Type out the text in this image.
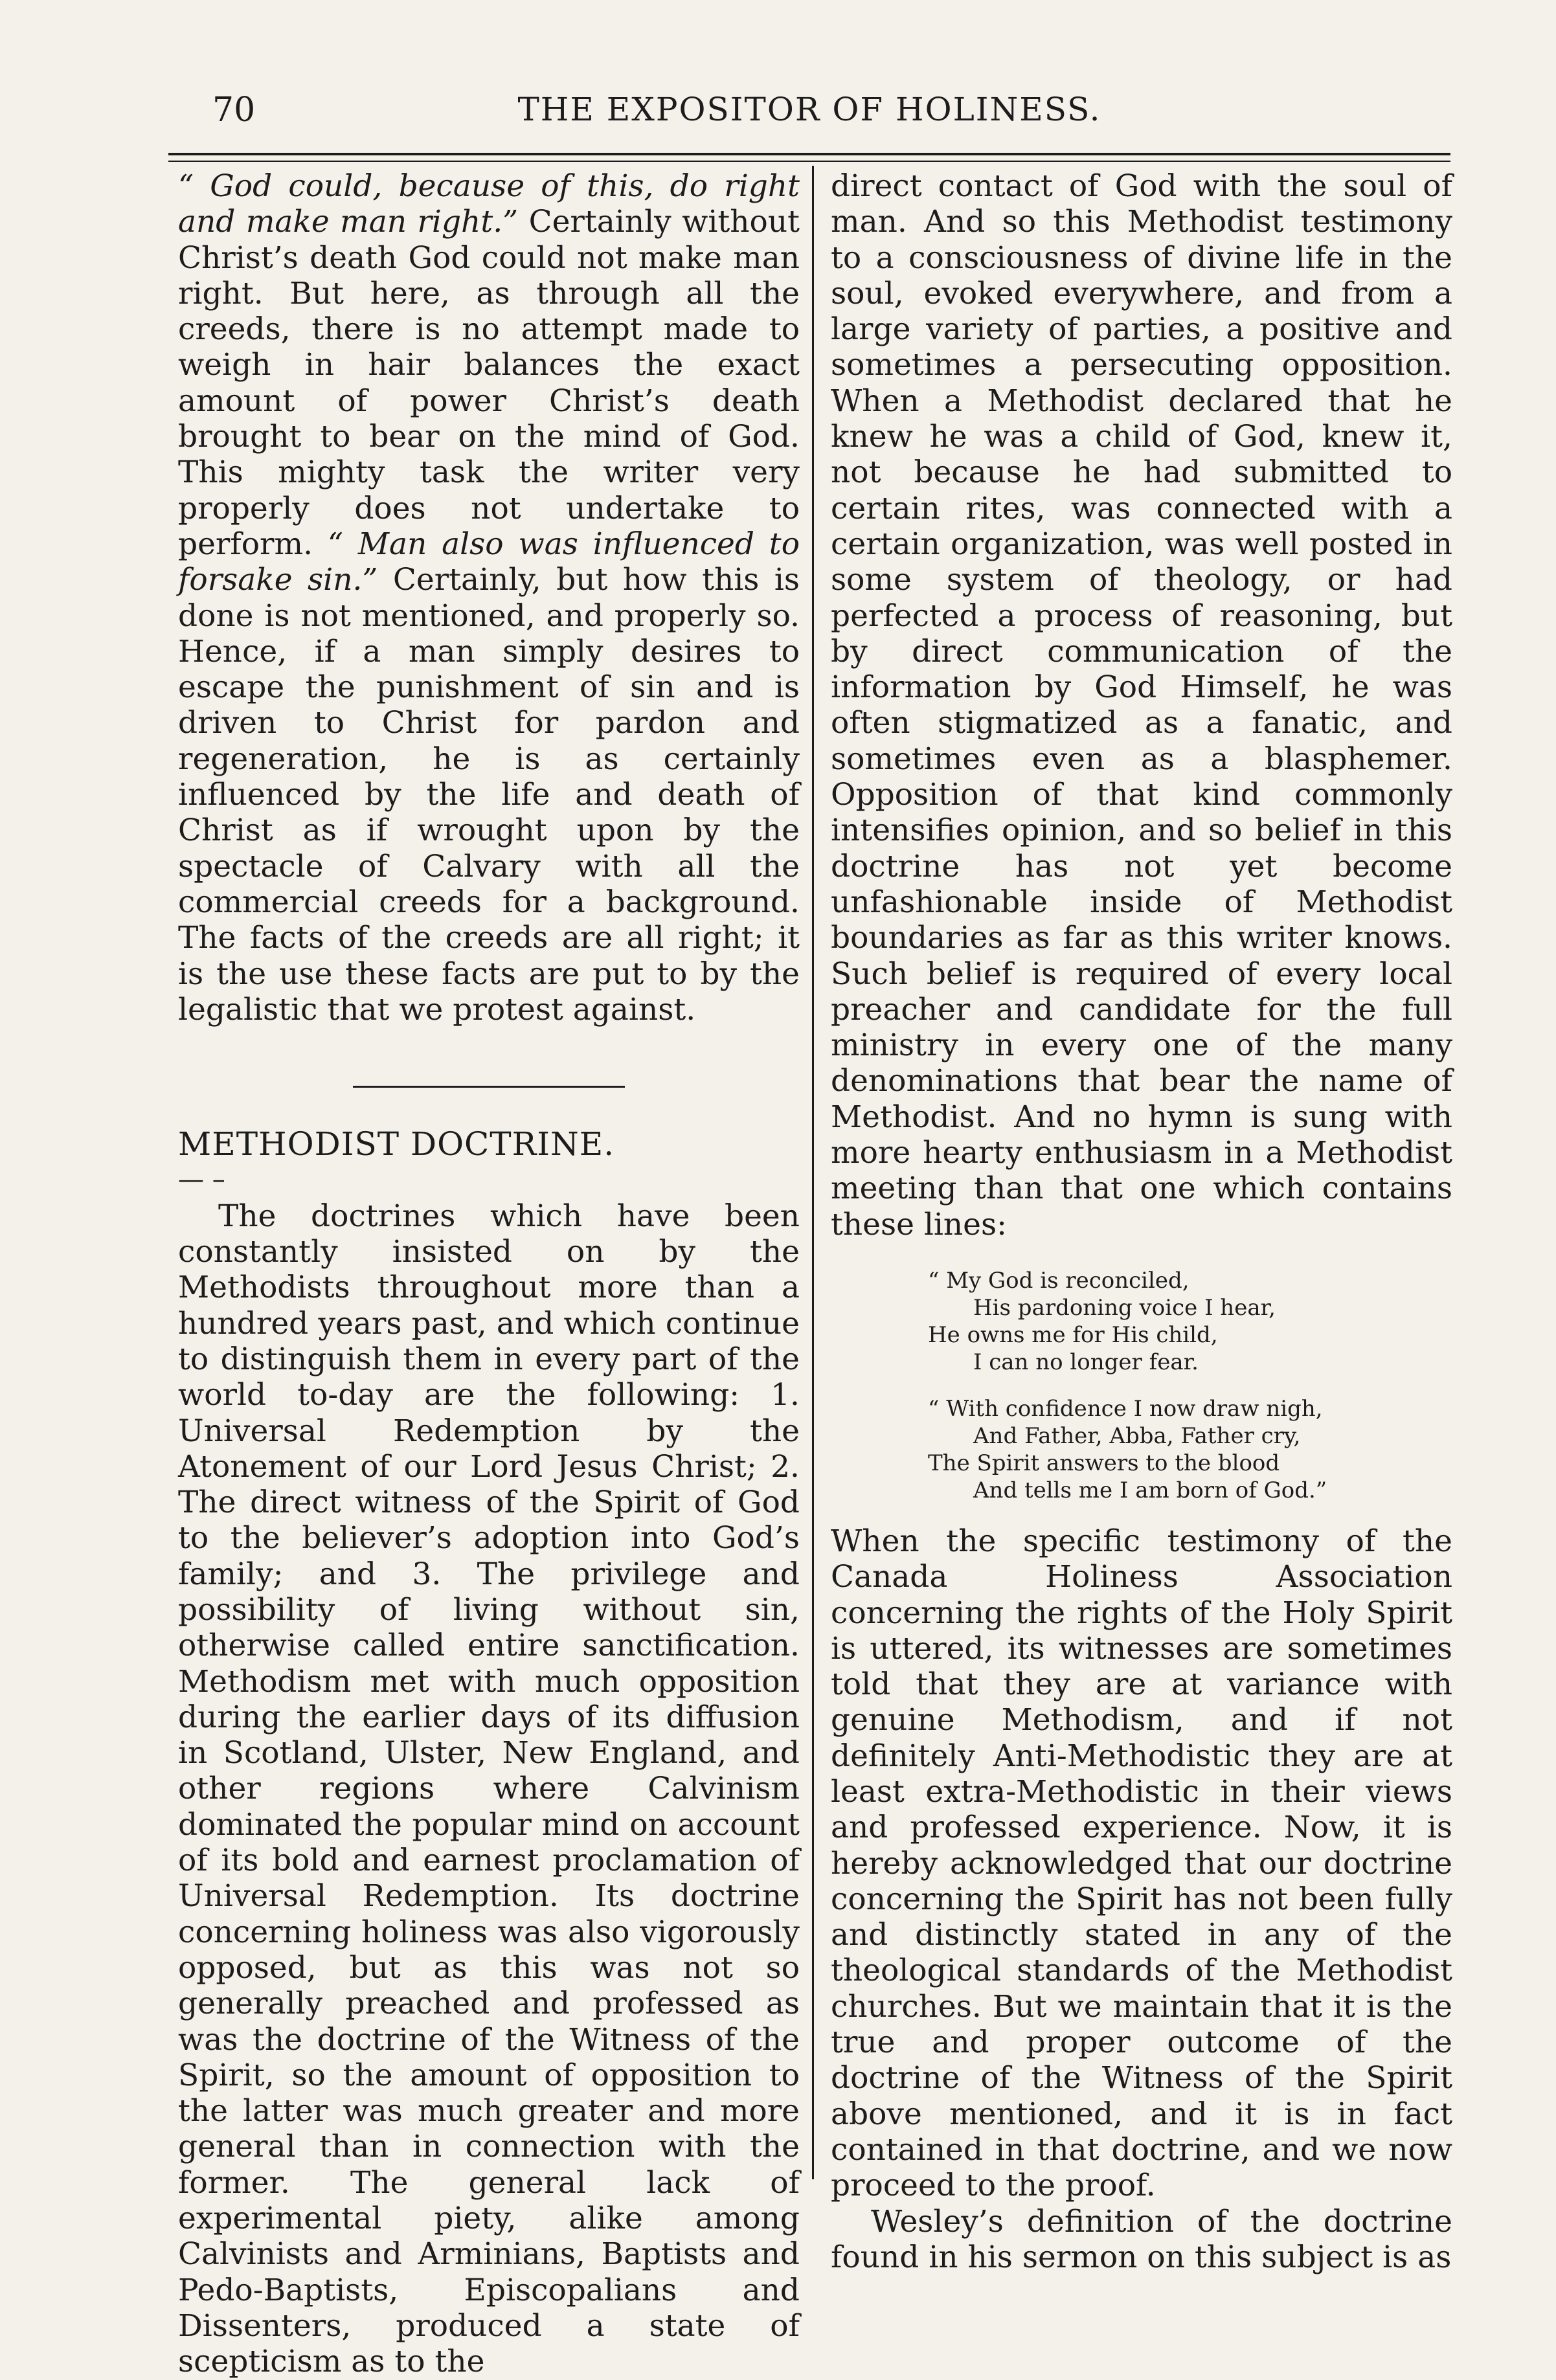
70	THE EXPOSITOR OF HOLINESS.

“ God could, because of this, do right and make man right.” Certainly without Christ’s death God could not make man right. But here, as through all the creeds, there is no attempt made to weigh in hair balances the exact amount of power Christ’s death brought to bear on the mind of God. This mighty task the writer very properly does not undertake to perform. “ Man also was influenced to forsake sin.” Certainly, but how this is done is not mentioned, and properly so. Hence, if a man simply desires to escape the punishment of sin and is driven to Christ for pardon and regeneration, he is as certainly influenced by the life and death of Christ as if wrought upon by the spectacle of Calvary with all the commercial creeds for a background. The facts of the creeds are all right; it is the use these facts are put to by the legalistic that we protest against.

METHODIST DOCTRINE.

— –

The doctrines which have been constantly insisted on by the Methodists throughout more than a hundred years past, and which continue to distinguish them in every part of the world to-day are the following: 1. Universal Redemption by the Atonement of our Lord Jesus Christ; 2. The direct witness of the Spirit of God to the believer’s adoption into God’s family; and 3. The privilege and possibility of living without sin, otherwise called entire sanctification. Methodism met with much opposition during the earlier days of its diffusion in Scotland, Ulster, New England, and other regions where Calvinism dominated the popular mind on account of its bold and earnest proclamation of Universal Redemption. Its doctrine concerning holiness was also vigorously opposed, but as this was not so generally preached and professed as was the doctrine of the Witness of the Spirit, so the amount of opposition to the latter was much greater and more general than in connection with the former. The general lack of experimental piety, alike among Calvinists and Arminians, Baptists and Pedo-Baptists, Episcopalians and Dissenters, produced a state of scepticism as to the

direct contact of God with the soul of man. And so this Methodist testimony to a consciousness of divine life in the soul, evoked everywhere, and from a large variety of parties, a positive and sometimes a persecuting opposition. When a Methodist declared that he knew he was a child of God, knew it, not because he had submitted to certain rites, was connected with a certain organization, was well posted in some system of theology, or had perfected a process of reasoning, but by direct communication of the information by God Himself, he was often stigmatized as a fanatic, and sometimes even as a blasphemer. Opposition of that kind commonly intensifies opinion, and so belief in this doctrine has not yet become unfashionable inside of Methodist boundaries as far as this writer knows. Such belief is required of every local preacher and candidate for the full ministry in every one of the many denominations that bear the name of Methodist. And no hymn is sung with more hearty enthusiasm in a Methodist meeting than that one which contains these lines:

“ My God is reconciled,
His pardoning voice I hear,
He owns me for His child,
I can no longer fear.
“ With confidence I now draw nigh,
And Father, Abba, Father cry,
The Spirit answers to the blood
And tells me I am born of God.”

When the specific testimony of the Canada Holiness Association concerning the rights of the Holy Spirit is uttered, its witnesses are sometimes told that they are at variance with genuine Methodism, and if not definitely Anti-Methodistic they are at least extra-Methodistic in their views and professed experience. Now, it is hereby acknowledged that our doctrine concerning the Spirit has not been fully and distinctly stated in any of the theological standards of the Methodist churches. But we maintain that it is the true and proper outcome of the doctrine of the Witness of the Spirit above mentioned, and it is in fact contained in that doctrine, and we now proceed to the proof.

Wesley’s definition of the doctrine found in his sermon on this subject is as
